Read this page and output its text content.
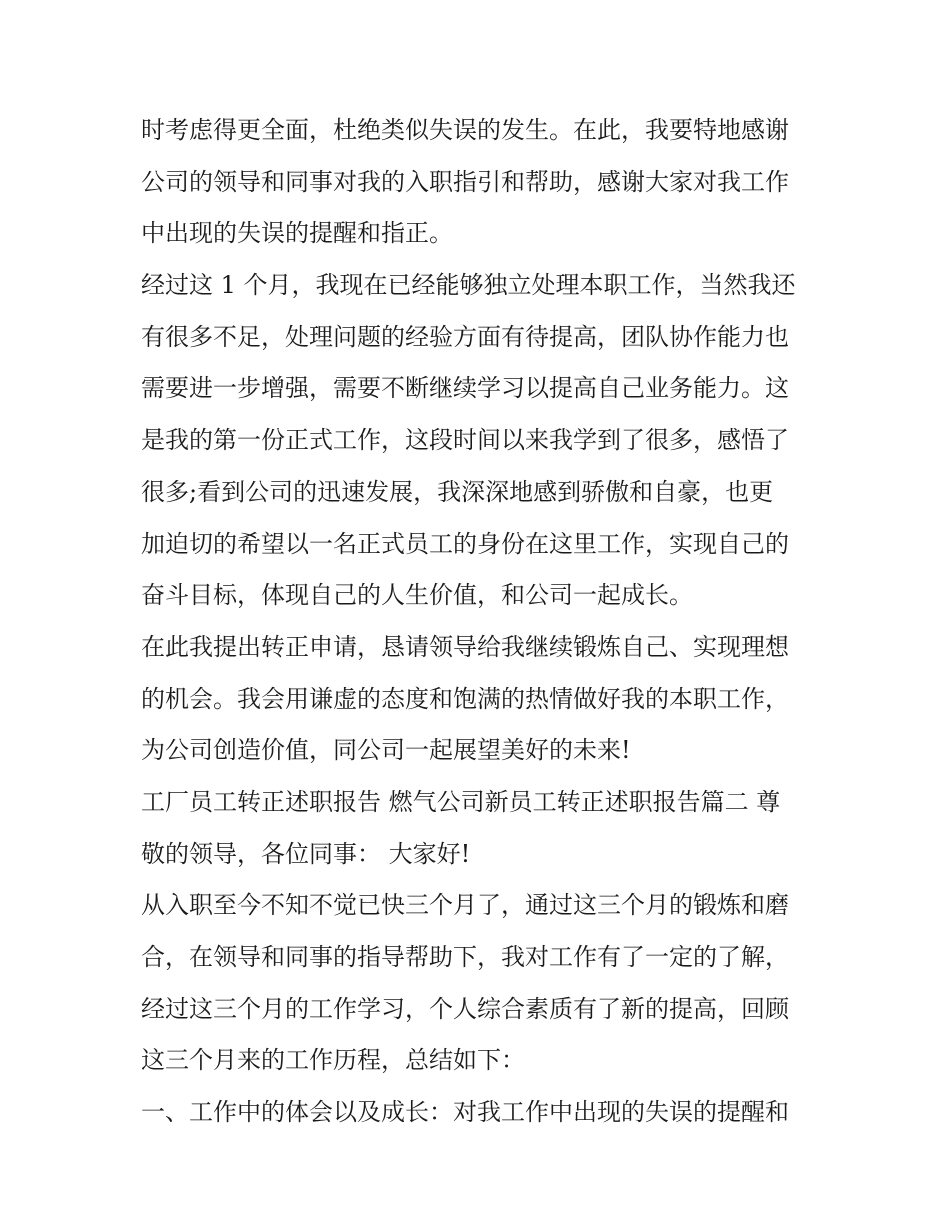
时考虑得更全面，杜绝类似失误的发生。在此，我要特地感谢
公司的领导和同事对我的入职指引和帮助，感谢大家对我工作
中出现的失误的提醒和指正。
经过这 1 个月，我现在已经能够独立处理本职工作，当然我还
有很多不足，处理问题的经验方面有待提高，团队协作能力也
需要进一步增强，需要不断继续学习以提高自己业务能力。这
是我的第一份正式工作，这段时间以来我学到了很多，感悟了
很多;看到公司的迅速发展，我深深地感到骄傲和自豪，也更
加迫切的希望以一名正式员工的身份在这里工作，实现自己的
奋斗目标，体现自己的人生价值，和公司一起成长。
在此我提出转正申请，恳请领导给我继续锻炼自己、实现理想
的机会。我会用谦虚的态度和饱满的热情做好我的本职工作，
为公司创造价值，同公司一起展望美好的未来!
工厂员工转正述职报告 燃气公司新员工转正述职报告篇二 尊
敬的领导，各位同事： 大家好!
从入职至今不知不觉已快三个月了，通过这三个月的锻炼和磨
合，在领导和同事的指导帮助下，我对工作有了一定的了解，
经过这三个月的工作学习，个人综合素质有了新的提高，回顾
这三个月来的工作历程，总结如下：
一、工作中的体会以及成长：对我工作中出现的失误的提醒和
